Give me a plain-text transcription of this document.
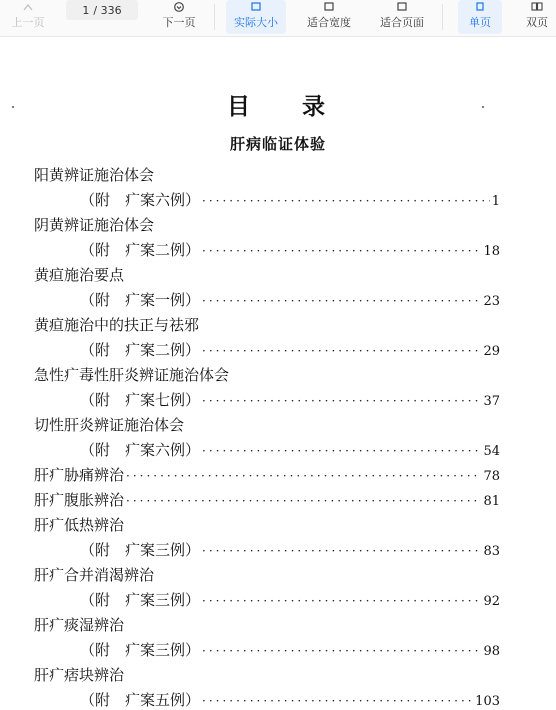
上一页
1 / 336
下一页	实际大小	适合宽度	适合页面	单页	双页
目 录
肝病临证体验
阳黄辨证施治体会
（附　疒案六例） ·····	1
阴黄辨证施治体会
（附　疒案二例） ·····	18
黄疸施治要点
（附　疒案一例） ·····	23
黄疸施治中的扶正与祛邪
（附　疒案二例） ·····	29
急性疒毒性肝炎辨证施治体会
（附　疒案七例） ·····	37
切性肝炎辨证施治体会
（附　疒案六例） ·····	54
肝疒胁痛辨治 ·····	78
肝疒腹胀辨治 ·····	81
肝疒低热辨治
（附　疒案三例） ·····	83
肝疒合并消渴辨治
（附　疒案三例） ·····	92
肝疒痰湿辨治
（附　疒案三例） ·····	98
肝疒痞块辨治
（附　疒案五例） ·····	103
